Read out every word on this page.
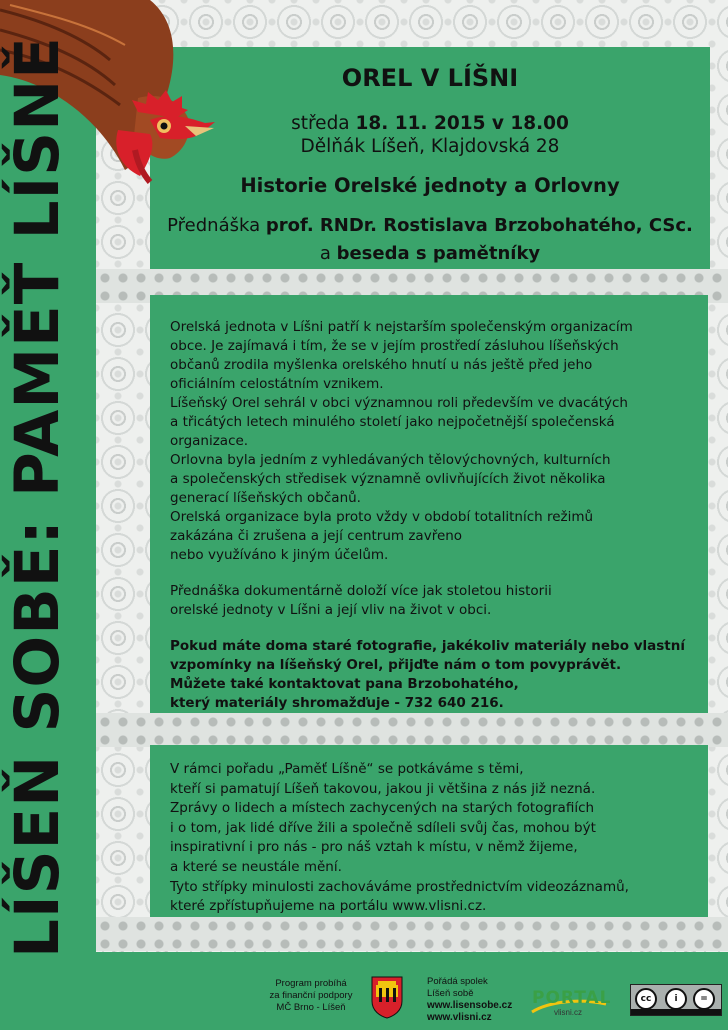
LÍŠEŇ SOBĚ: PAMĚŤ LÍŠNĚ	OREL V LÍŠNI
středa 18. 11. 2015 v 18.00
Dělňák Líšeň, Klajdovská 28
Historie Orelské jednoty a Orlovny
Přednáška prof. RNDr. Rostislava Brzobohatého, CSc.
a beseda s pamětníky

Orelská jednota v Líšni patří k nejstarším společenským organizacím
obce. Je zajímavá i tím, že se v jejím prostředí zásluhou líšeňských
občanů zrodila myšlenka orelského hnutí u nás ještě před jeho
oficiálním celostátním vznikem.
Líšeňský Orel sehrál v obci významnou roli především ve dvacátých
a třicátých letech minulého století jako nejpočetnější společenská
organizace.
Orlovna byla jedním z vyhledávaných tělovýchovných, kulturních
a společenských středisek významně ovlivňujících život několika
generací líšeňských občanů.
Orelská organizace byla proto vždy v období totalitních režimů
zakázána či zrušena a její centrum zavřeno
nebo využíváno k jiným účelům.

Přednáška dokumentárně doloží více jak stoletou historii
orelské jednoty v Líšni a její vliv na život v obci.

Pokud máte doma staré fotografie, jakékoliv materiály nebo vlastní
vzpomínky na líšeňský Orel, přijďte nám o tom povyprávět.
Můžete také kontaktovat pana Brzobohatého,
který materiály shromažďuje - 732 640 216.

V rámci pořadu „Paměť Líšně“ se potkáváme s těmi,
kteří si pamatují Líšeň takovou, jakou ji většina z nás již nezná.
Zprávy o lidech a místech zachycených na starých fotografiích
i o tom, jak lidé dříve žili a společně sdíleli svůj čas, mohou být
inspirativní i pro nás - pro náš vztah k místu, v němž žijeme,
a které se neustále mění.
Tyto střípky minulosti zachováváme prostřednictvím videozáznamů,
které zpřístupňujeme na portálu www.vlisni.cz.
Program probíhá
za finanční podpory
MČ Brno - Líšeň
Pořádá spolek
Líšeň sobě
www.lisensobe.cz
www.vlisni.cz
PORTAL
vlisni.cz
cc	i	=
